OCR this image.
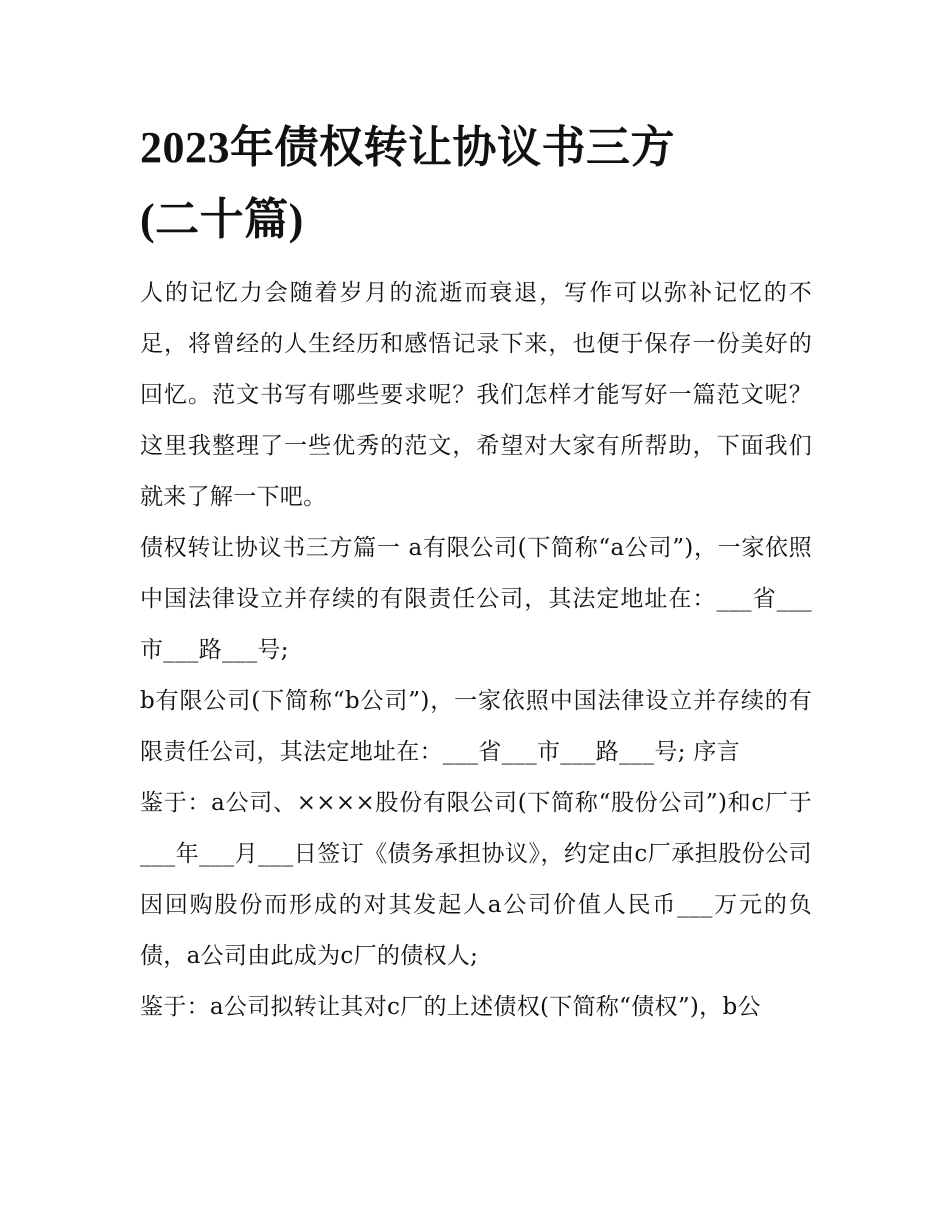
2023年债权转让协议书三方
(二十篇)

人的记忆力会随着岁月的流逝而衰退，写作可以弥补记忆的不足，将曾经的人生经历和感悟记录下来，也便于保存一份美好的回忆。范文书写有哪些要求呢？我们怎样才能写好一篇范文呢？这里我整理了一些优秀的范文，希望对大家有所帮助，下面我们就来了解一下吧。

债权转让协议书三方篇一 a有限公司(下简称“a公司”)，一家依照中国法律设立并存续的有限责任公司，其法定地址在：___省___市___路___号;

b有限公司(下简称“b公司”)，一家依照中国法律设立并存续的有限责任公司，其法定地址在：___省___市___路___号; 序言

鉴于：a公司、××××股份有限公司(下简称“股份公司”)和c厂于___年___月___日签订《债务承担协议》，约定由c厂承担股份公司因回购股份而形成的对其发起人a公司价值人民币___万元的负债，a公司由此成为c厂的债权人;

鉴于：a公司拟转让其对c厂的上述债权(下简称“债权”)，b公
